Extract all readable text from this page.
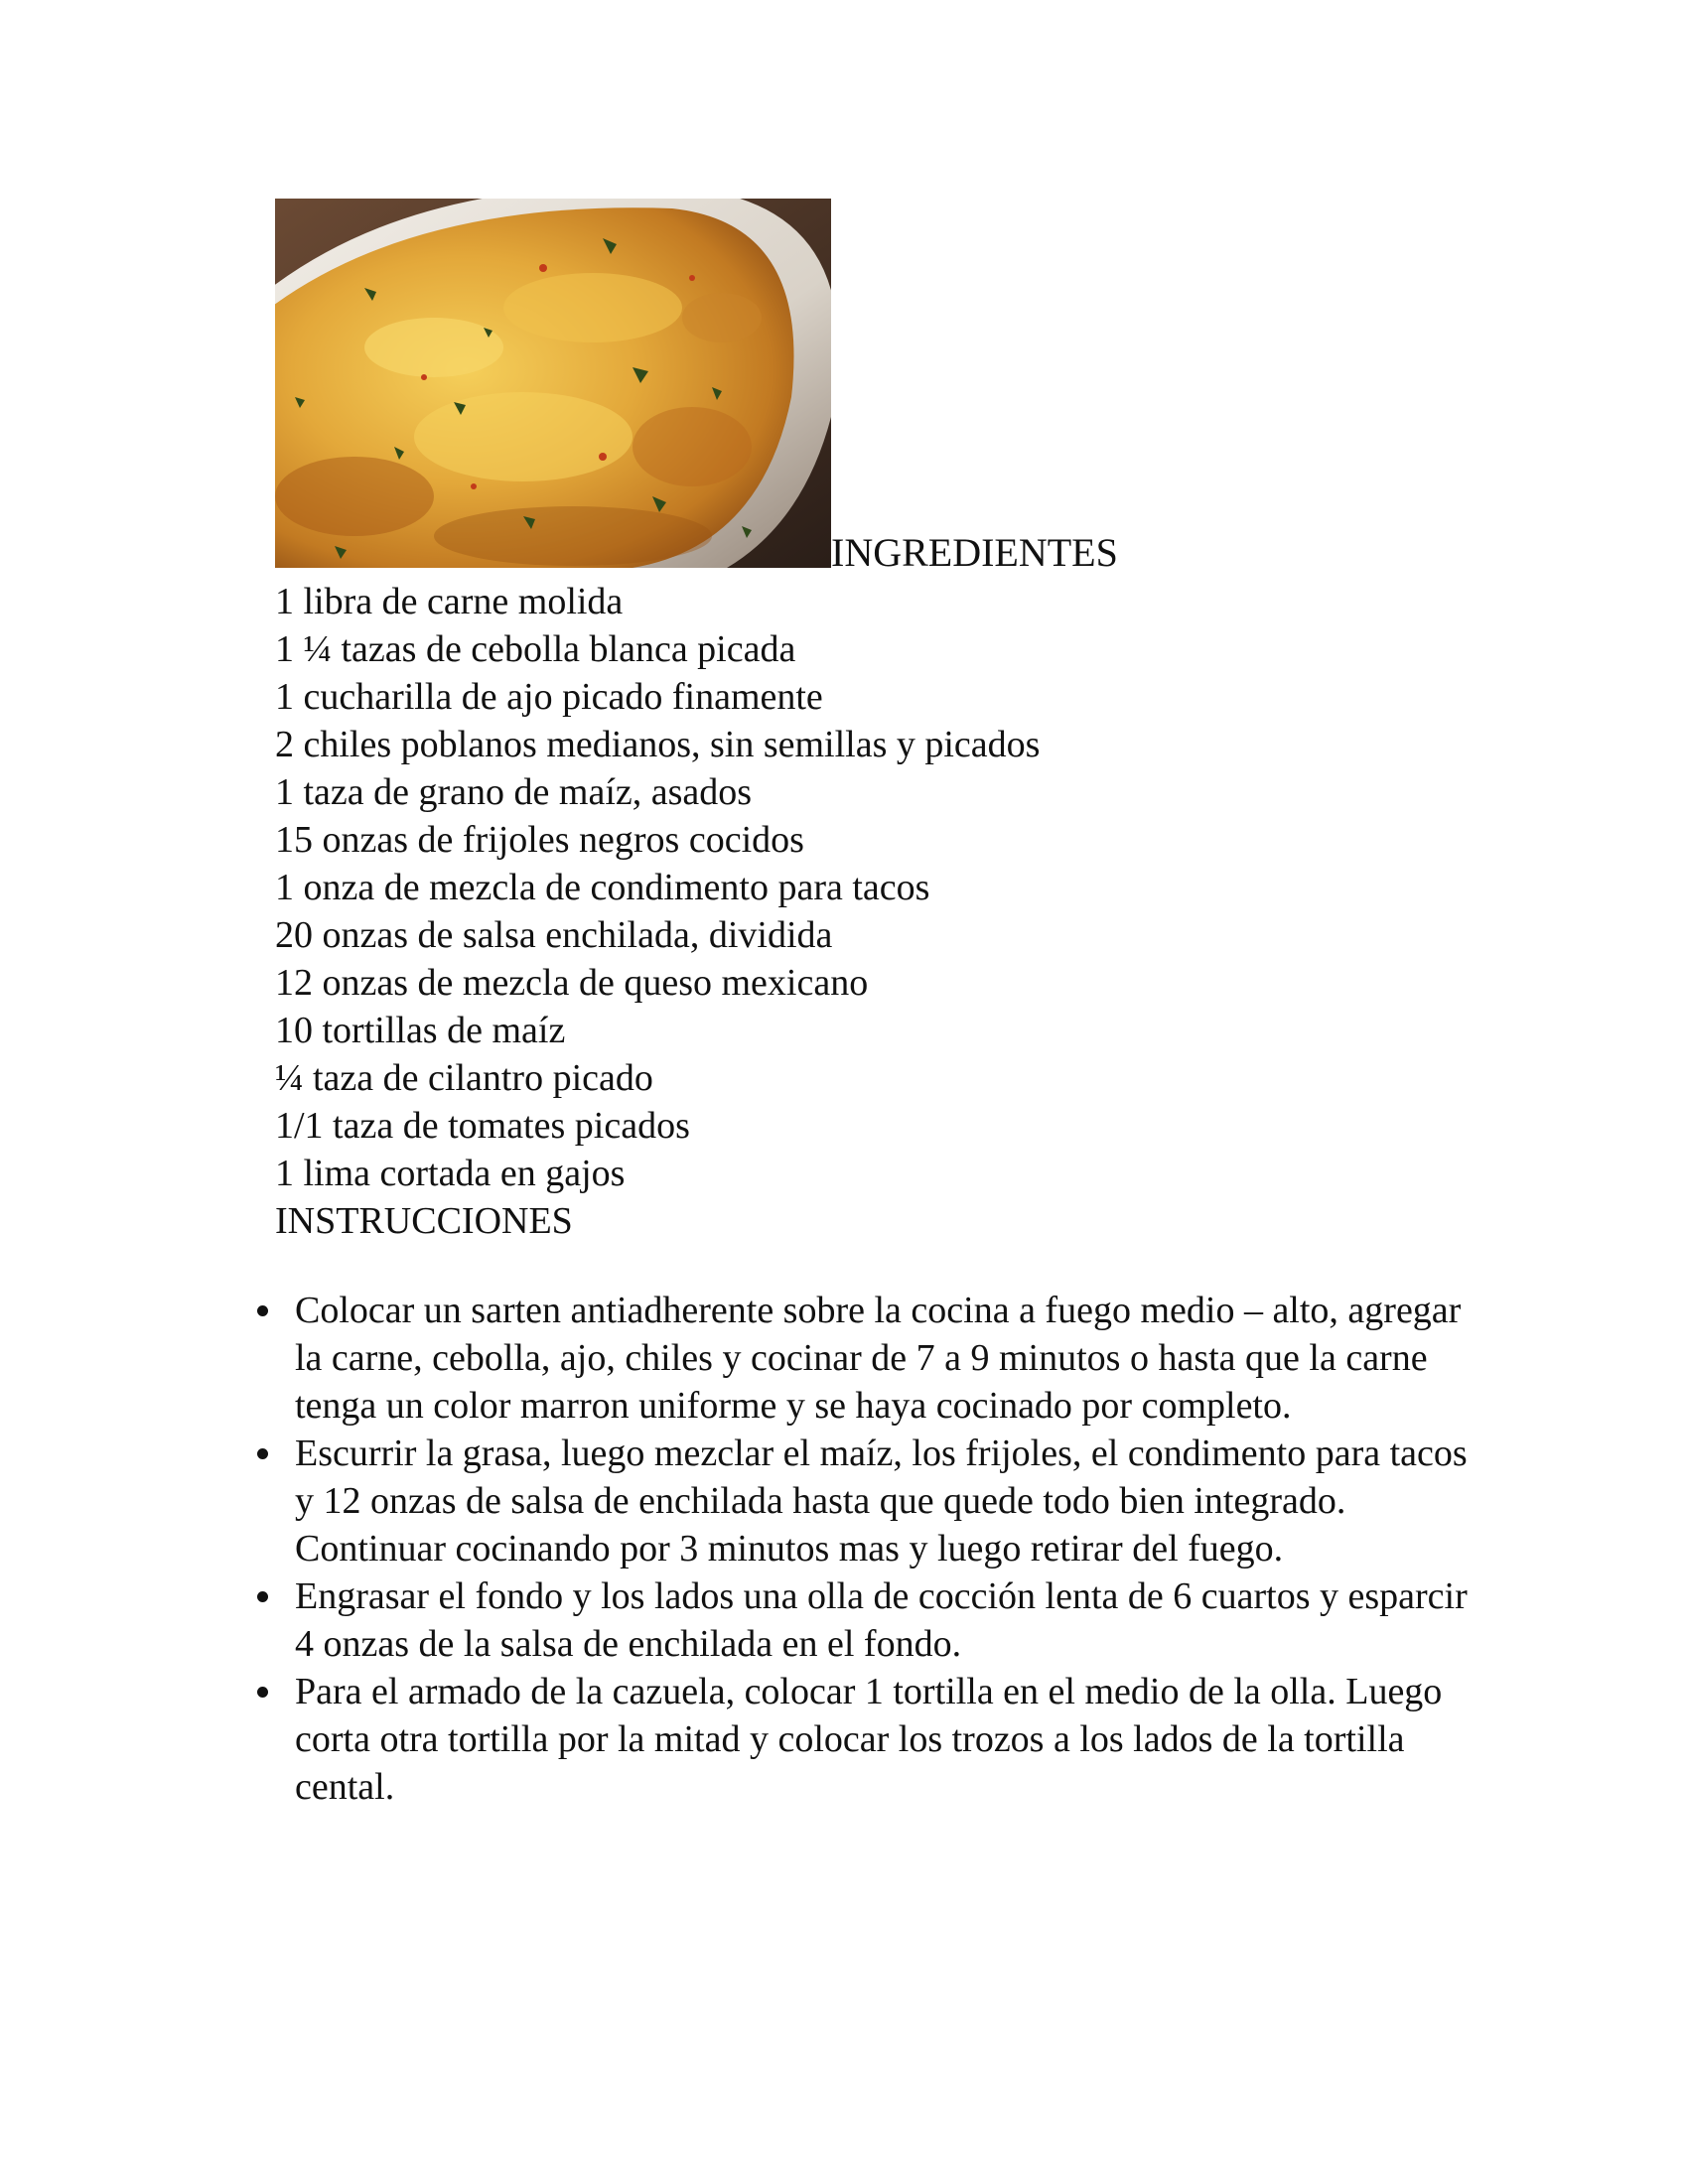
INGREDIENTES
1 libra de carne molida
1 ¼ tazas de cebolla blanca picada
1 cucharilla de ajo picado finamente
2 chiles poblanos medianos, sin semillas y picados
1 taza de grano de maíz, asados
15 onzas de frijoles negros cocidos
1 onza de mezcla de condimento para tacos
20 onzas de salsa enchilada, dividida
12 onzas de mezcla de queso mexicano
10 tortillas de maíz
¼ taza de cilantro picado
1/1 taza de tomates picados
1 lima cortada en gajos
INSTRUCCIONES
Colocar un sarten antiadherente sobre la cocina a fuego medio – alto, agregar la carne, cebolla, ajo, chiles y cocinar de 7 a 9 minutos o hasta que la carne tenga un color marron uniforme y se haya cocinado por completo.
Escurrir la grasa, luego mezclar el maíz, los frijoles, el condimento para tacos y 12 onzas de salsa de enchilada hasta que quede todo bien integrado. Continuar cocinando por 3 minutos mas y luego retirar del fuego.
Engrasar el fondo y los lados una olla de cocción lenta de 6 cuartos y esparcir 4 onzas de la salsa de enchilada en el fondo.
Para el armado de la cazuela, colocar 1 tortilla en el medio de la olla. Luego corta otra tortilla por la mitad y colocar los trozos a los lados de la tortilla cental.
